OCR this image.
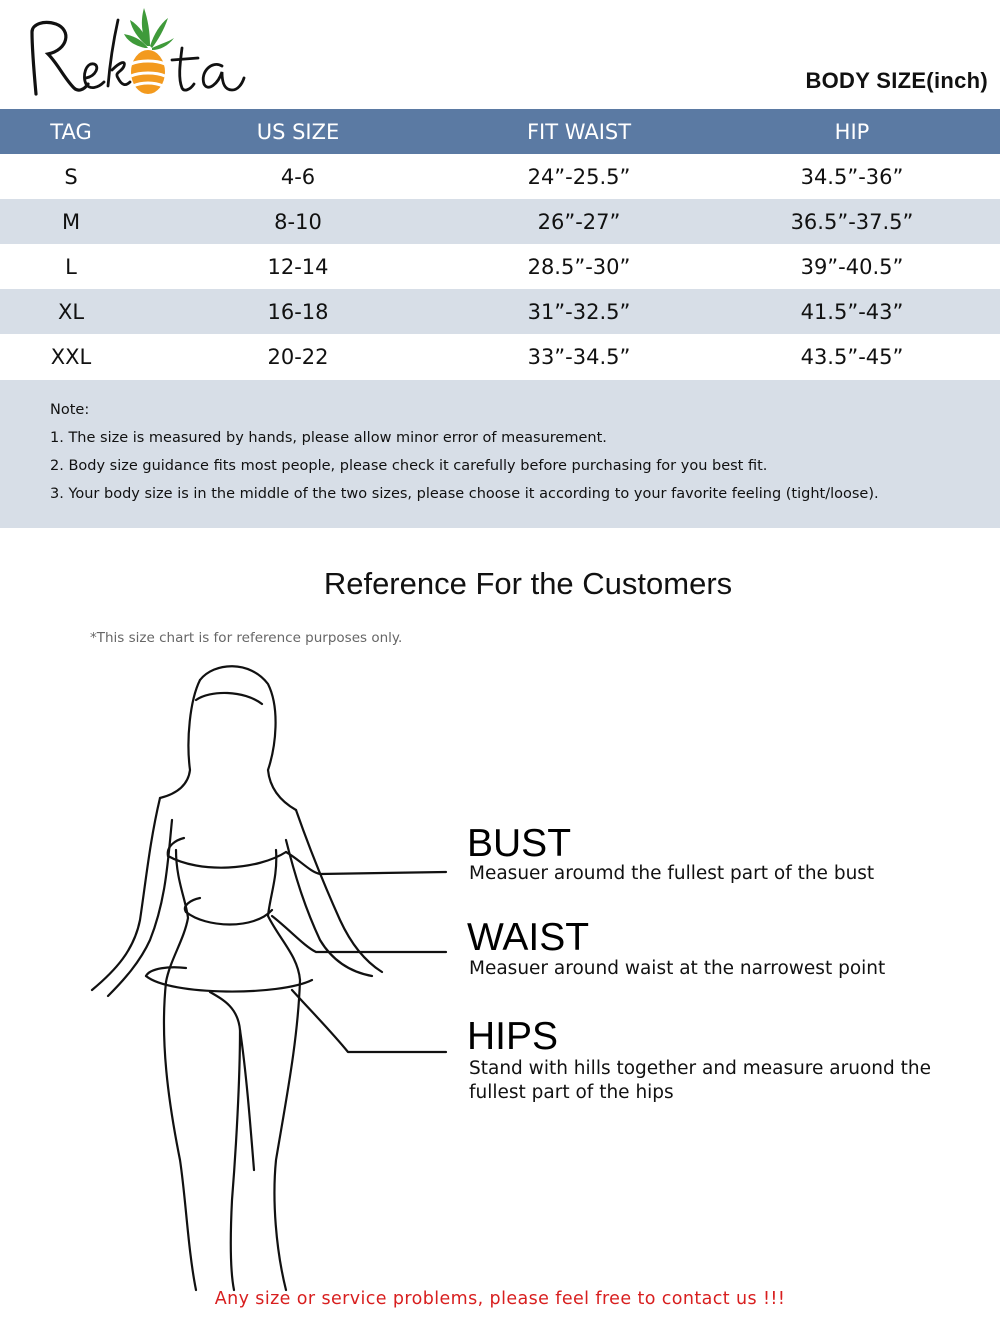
BODY SIZE(inch)
TAG	US SIZE	FIT WAIST	HIP
S	4-6	24”-25.5”	34.5”-36”
M	8-10	26”-27”	36.5”-37.5”
L	12-14	28.5”-30”	39”-40.5”
XL	16-18	31”-32.5”	41.5”-43”
XXL	20-22	33”-34.5”	43.5”-45”
Note:
1. The size is measured by hands, please allow minor error of measurement.
2. Body size guidance fits most people, please check it carefully before purchasing for you best fit.
3. Your body size is in the middle of the two sizes, please choose it according to your favorite feeling (tight/loose).
Reference For the Customers
*This size chart is for reference purposes only.
BUST
Measuer aroumd the fullest part of the bust
WAIST
Measuer around waist at the narrowest point
HIPS
Stand with hills together and measure aruond the fullest part of the hips
Any size or service problems, please feel free to contact us !!!
